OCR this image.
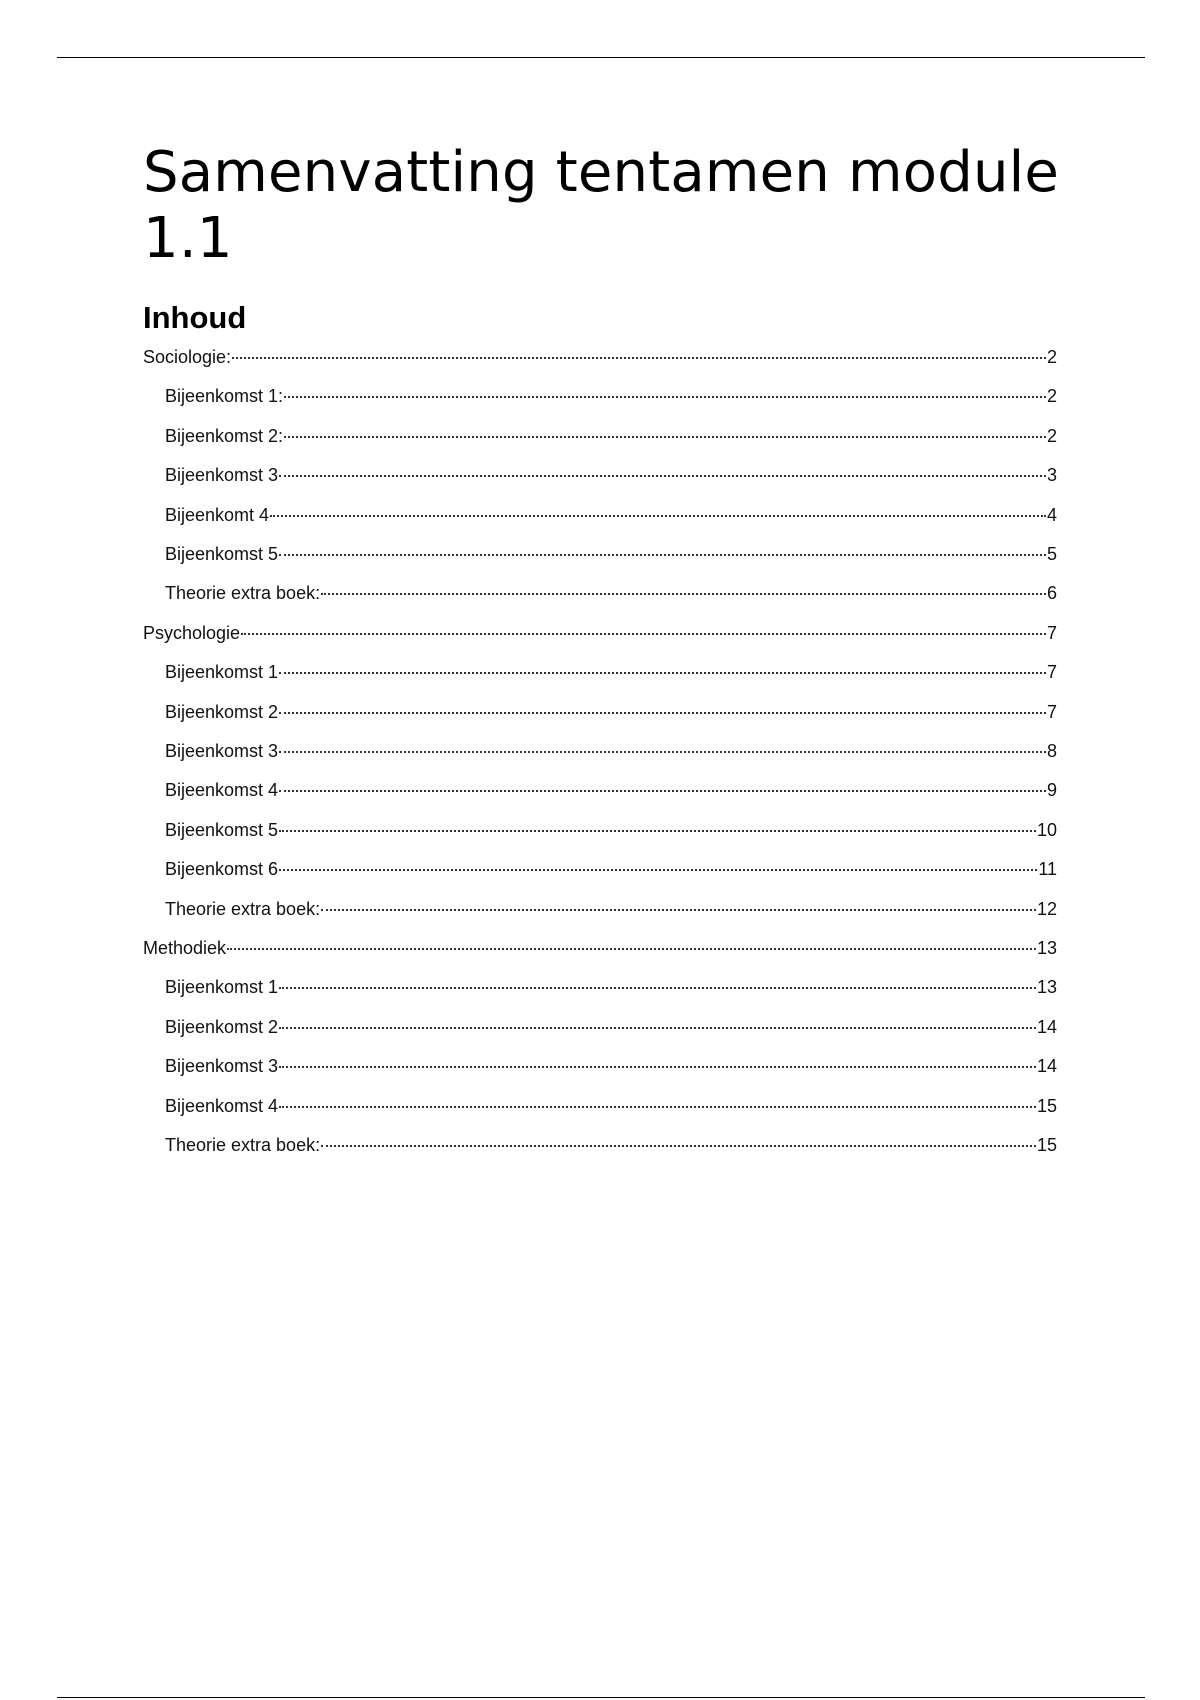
Samenvatting tentamen module 1.1
Inhoud
Sociologie:	2
Bijeenkomst 1:	2
Bijeenkomst 2:	2
Bijeenkomst 3	3
Bijeenkomt 4	4
Bijeenkomst 5	5
Theorie extra boek:	6
Psychologie	7
Bijeenkomst 1	7
Bijeenkomst 2	7
Bijeenkomst 3	8
Bijeenkomst 4	9
Bijeenkomst 5	10
Bijeenkomst 6	11
Theorie extra boek:	12
Methodiek	13
Bijeenkomst 1	13
Bijeenkomst 2	14
Bijeenkomst 3	14
Bijeenkomst 4	15
Theorie extra boek:	15
